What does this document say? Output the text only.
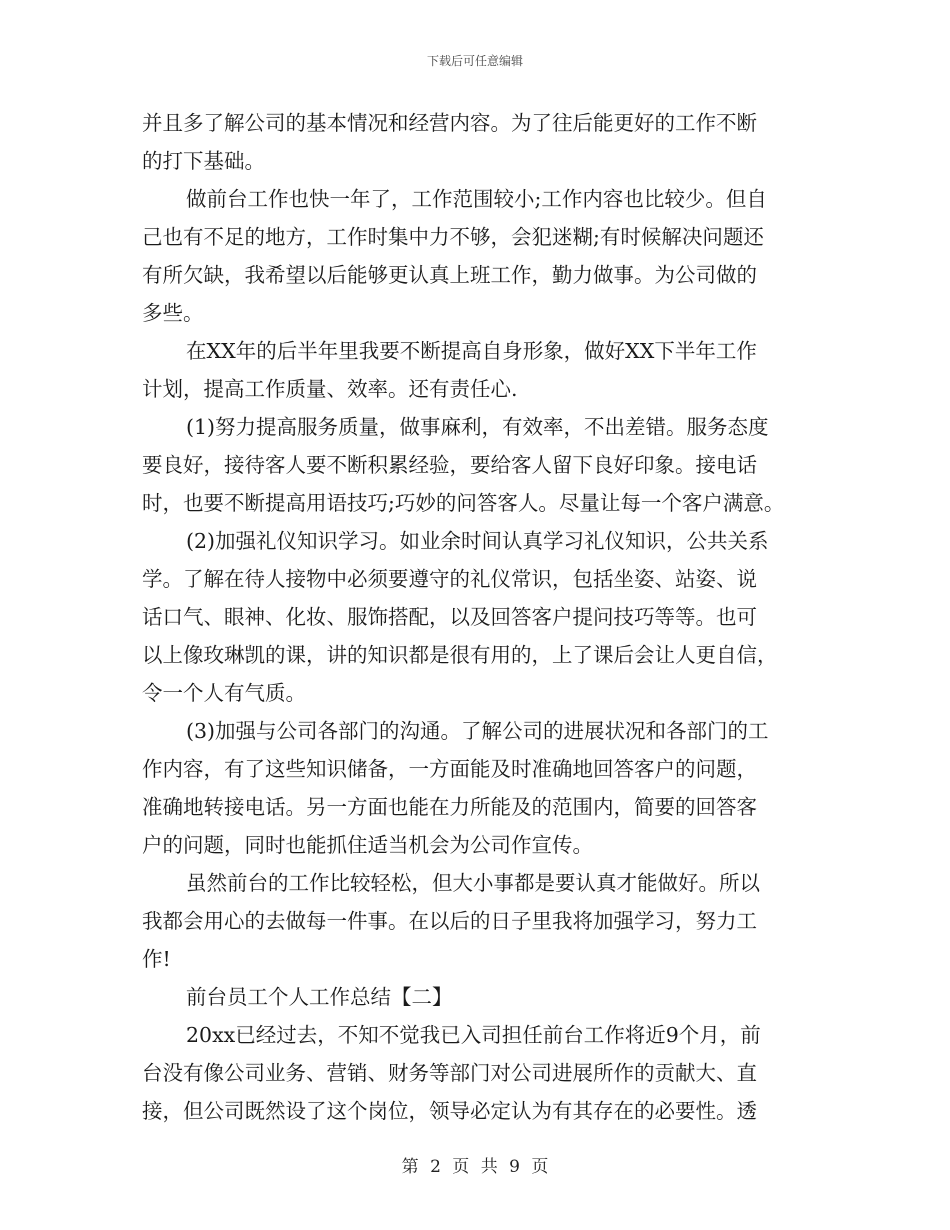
下载后可任意编辑
并且多了解公司的基本情况和经营内容。为了往后能更好的工作不断
的打下基础。
做前台工作也快一年了，工作范围较小;工作内容也比较少。但自
己也有不足的地方，工作时集中力不够，会犯迷糊;有时候解决问题还
有所欠缺，我希望以后能够更认真上班工作，勤力做事。为公司做的
多些。
在XX年的后半年里我要不断提高自身形象，做好XX下半年工作
计划，提高工作质量、效率。还有责任心.
(1)努力提高服务质量，做事麻利，有效率，不出差错。服务态度
要良好，接待客人要不断积累经验，要给客人留下良好印象。接电话
时，也要不断提高用语技巧;巧妙的问答客人。尽量让每一个客户满意。
(2)加强礼仪知识学习。如业余时间认真学习礼仪知识，公共关系
学。了解在待人接物中必须要遵守的礼仪常识，包括坐姿、站姿、说
话口气、眼神、化妆、服饰搭配，以及回答客户提问技巧等等。也可
以上像玫琳凯的课，讲的知识都是很有用的，上了课后会让人更自信，
令一个人有气质。
(3)加强与公司各部门的沟通。了解公司的进展状况和各部门的工
作内容，有了这些知识储备，一方面能及时准确地回答客户的问题，
准确地转接电话。另一方面也能在力所能及的范围内，简要的回答客
户的问题，同时也能抓住适当机会为公司作宣传。
虽然前台的工作比较轻松，但大小事都是要认真才能做好。所以
我都会用心的去做每一件事。在以后的日子里我将加强学习，努力工
作!
前台员工个人工作总结【二】
20xx已经过去，不知不觉我已入司担任前台工作将近9个月，前
台没有像公司业务、营销、财务等部门对公司进展所作的贡献大、直
接，但公司既然设了这个岗位，领导必定认为有其存在的必要性。透
第 2 页 共 9 页
